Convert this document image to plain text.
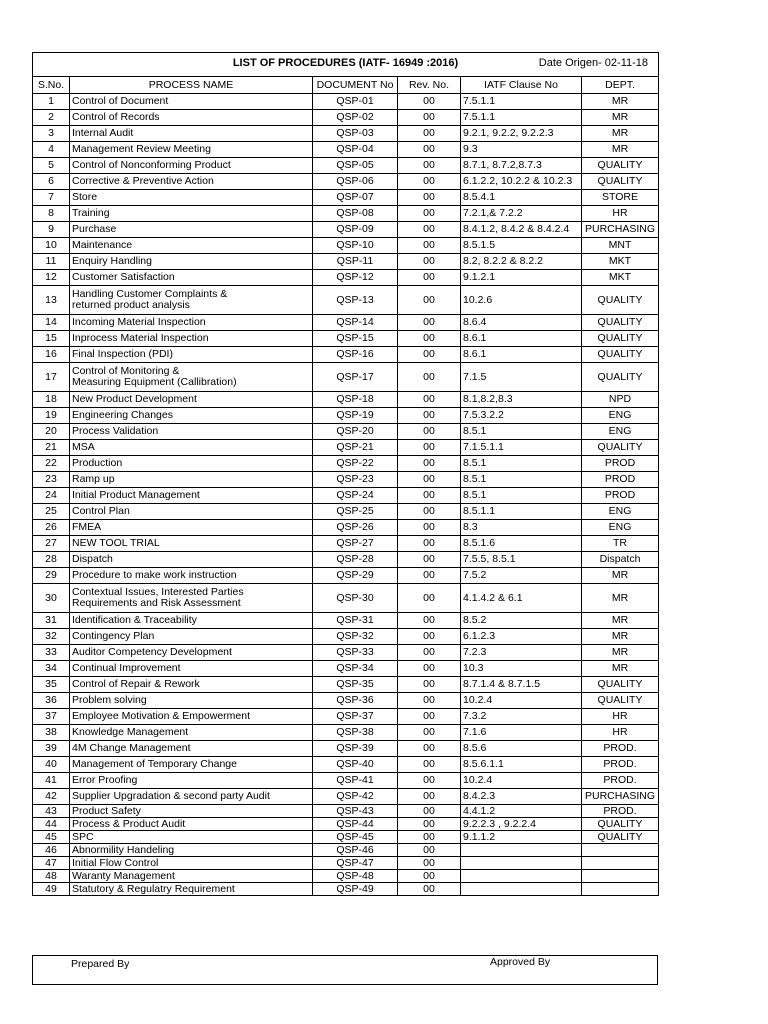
LIST OF PROCEDURES (IATF- 16949 :2016) Date Origen- 02-11-18					

S.No.	PROCESS NAME	DOCUMENT No	Rev. No.	IATF Clause No	DEPT.
1	Control of Document	QSP-01	00	7.5.1.1	MR
2	Control of Records	QSP-02	00	7.5.1.1	MR
3	Internal Audit	QSP-03	00	9.2.1, 9.2.2, 9.2.2.3	MR
4	Management Review Meeting	QSP-04	00	9.3	MR
5	Control of Nonconforming Product	QSP-05	00	8.7.1, 8.7.2,8.7.3	QUALITY
6	Corrective & Preventive Action	QSP-06	00	6.1.2.2, 10.2.2 & 10.2.3	QUALITY
7	Store	QSP-07	00	8.5.4.1	STORE
8	Training	QSP-08	00	7.2.1,& 7.2.2	HR
9	Purchase	QSP-09	00	8.4.1.2, 8.4.2 & 8.4.2.4	PURCHASING
10	Maintenance	QSP-10	00	8.5.1.5	MNT
11	Enquiry Handling	QSP-11	00	8.2, 8.2.2 & 8.2.2	MKT
12	Customer Satisfaction	QSP-12	00	9.1.2.1	MKT
13	Handling Customer Complaints &
returned product analysis	QSP-13	00	10.2.6	QUALITY
14	Incoming Material Inspection	QSP-14	00	8.6.4	QUALITY
15	Inprocess Material Inspection	QSP-15	00	8.6.1	QUALITY
16	Final Inspection (PDI)	QSP-16	00	8.6.1	QUALITY
17	Control of Monitoring &
Measuring Equipment (Callibration)	QSP-17	00	7.1.5	QUALITY
18	New Product Development	QSP-18	00	8.1,8.2,8.3	NPD
19	Engineering Changes	QSP-19	00	7.5.3.2.2	ENG
20	Process Validation	QSP-20	00	8.5.1	ENG
21	MSA	QSP-21	00	7.1.5.1.1	QUALITY
22	Production	QSP-22	00	8.5.1	PROD
23	Ramp up	QSP-23	00	8.5.1	PROD
24	Initial Product Management	QSP-24	00	8.5.1	PROD
25	Control Plan	QSP-25	00	8.5.1.1	ENG
26	FMEA	QSP-26	00	8.3	ENG
27	NEW TOOL TRIAL	QSP-27	00	8.5.1.6	TR
28	Dispatch	QSP-28	00	7.5.5, 8.5.1	Dispatch
29	Procedure to make work instruction	QSP-29	00	7.5.2	MR
30	Contextual Issues, Interested Parties
Requirements and Risk Assessment	QSP-30	00	4.1.4.2 & 6.1	MR
31	Identification & Traceability	QSP-31	00	8.5.2	MR
32	Contingency Plan	QSP-32	00	6.1.2.3	MR
33	Auditor Competency Development	QSP-33	00	7.2.3	MR
34	Continual Improvement	QSP-34	00	10.3	MR
35	Control of Repair & Rework	QSP-35	00	8.7.1.4 & 8.7.1.5	QUALITY
36	Problem solving	QSP-36	00	10.2.4	QUALITY
37	Employee Motivation & Empowerment	QSP-37	00	7.3.2	HR
38	Knowledge Management	QSP-38	00	7.1.6	HR
39	4M Change Management	QSP-39	00	8.5.6	PROD.
40	Management of Temporary Change	QSP-40	00	8.5.6.1.1	PROD.
41	Error Proofing	QSP-41	00	10.2.4	PROD.
42	Supplier Upgradation & second party Audit	QSP-42	00	8.4.2.3	PURCHASING
43	Product Safety	QSP-43	00	4.4.1.2	PROD.
44	Process & Product Audit	QSP-44	00	9.2.2.3 , 9.2.2.4	QUALITY
45	SPC	QSP-45	00	9.1.1.2	QUALITY
46	Abnormility Handeling	QSP-46	00		
47	Initial Flow Control	QSP-47	00		
48	Waranty Management	QSP-48	00		
49	Statutory & Regulatry Requirement	QSP-49	00		
Prepared By	Approved By
